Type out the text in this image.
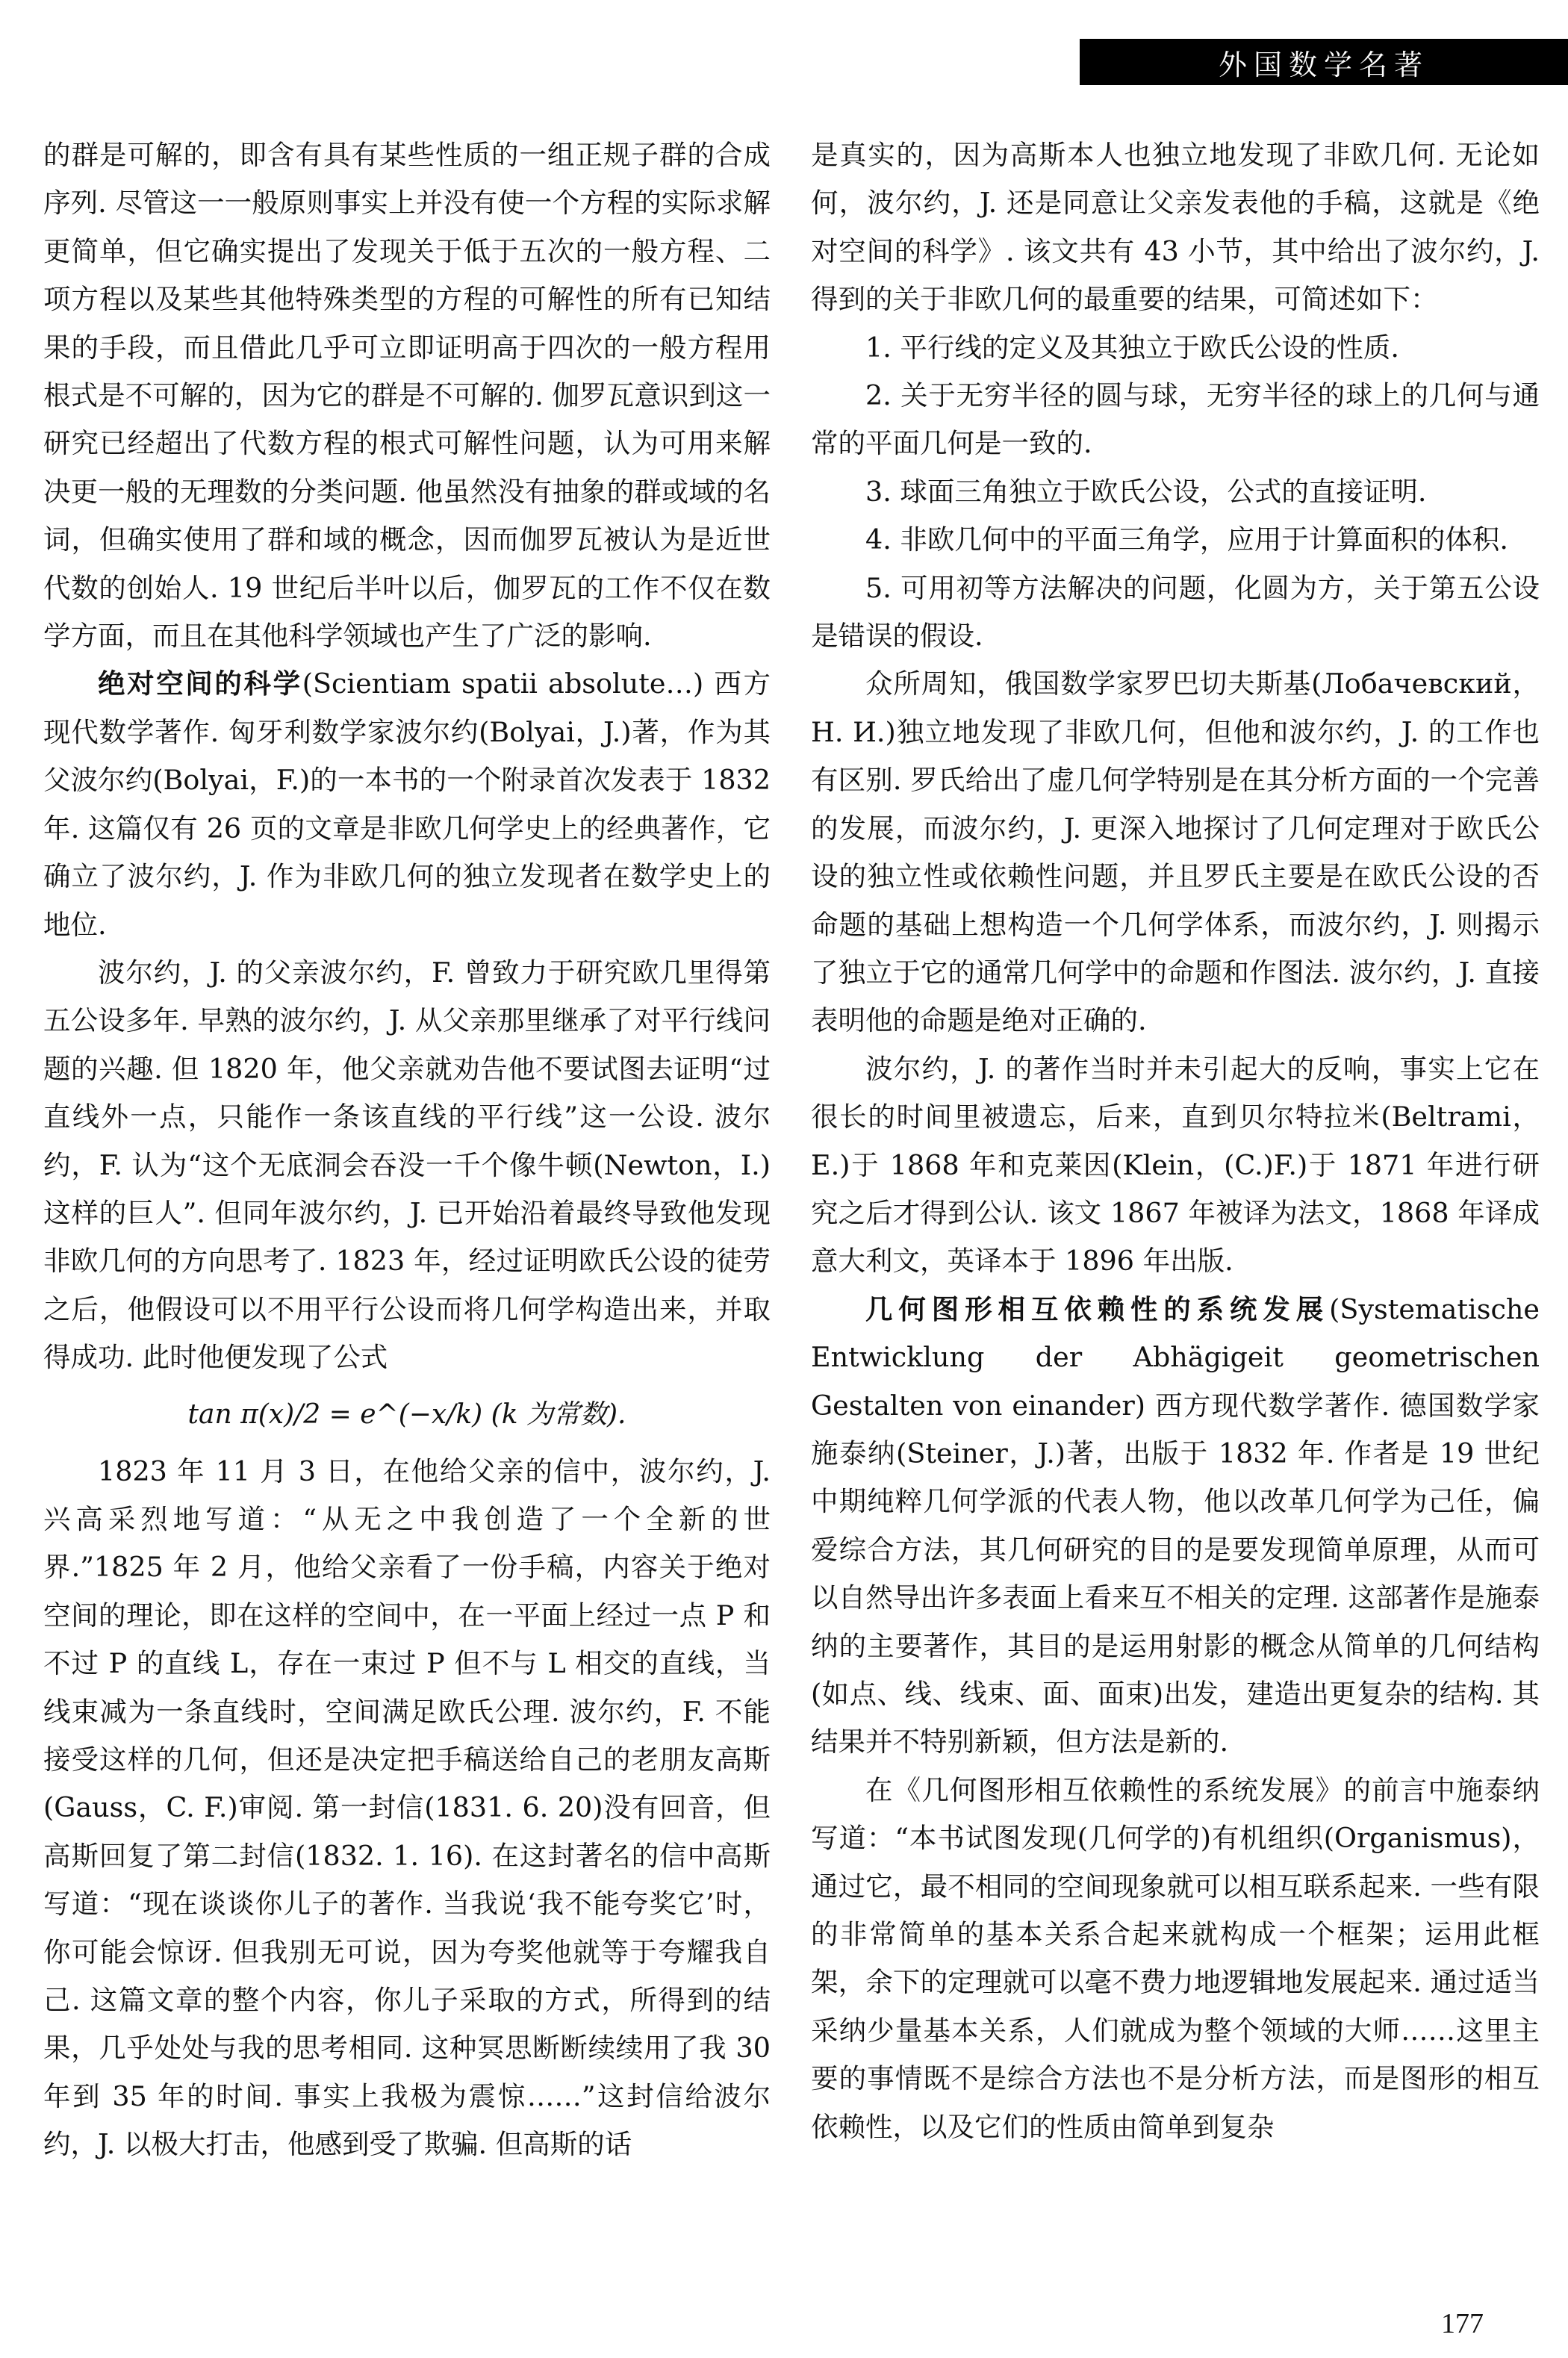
外国数学名著

的群是可解的，即含有具有某些性质的一组正规子群的合成序列. 尽管这一一般原则事实上并没有使一个方程的实际求解更简单，但它确实提出了发现关于低于五次的一般方程、二项方程以及某些其他特殊类型的方程的可解性的所有已知结果的手段，而且借此几乎可立即证明高于四次的一般方程用根式是不可解的，因为它的群是不可解的. 伽罗瓦意识到这一研究已经超出了代数方程的根式可解性问题，认为可用来解决更一般的无理数的分类问题. 他虽然没有抽象的群或域的名词，但确实使用了群和域的概念，因而伽罗瓦被认为是近世代数的创始人. 19 世纪后半叶以后，伽罗瓦的工作不仅在数学方面，而且在其他科学领域也产生了广泛的影响.

绝对空间的科学(Scientiam spatii absolute…) 西方现代数学著作. 匈牙利数学家波尔约(Bolyai，J.)著，作为其父波尔约(Bolyai，F.)的一本书的一个附录首次发表于 1832 年. 这篇仅有 26 页的文章是非欧几何学史上的经典著作，它确立了波尔约，J. 作为非欧几何的独立发现者在数学史上的地位.

波尔约，J. 的父亲波尔约，F. 曾致力于研究欧几里得第五公设多年. 早熟的波尔约，J. 从父亲那里继承了对平行线问题的兴趣. 但 1820 年，他父亲就劝告他不要试图去证明“过直线外一点，只能作一条该直线的平行线”这一公设. 波尔约，F. 认为“这个无底洞会吞没一千个像牛顿(Newton，I.)这样的巨人”. 但同年波尔约，J. 已开始沿着最终导致他发现非欧几何的方向思考了. 1823 年，经过证明欧氏公设的徒劳之后，他假设可以不用平行公设而将几何学构造出来，并取得成功. 此时他便发现了公式

tan π(x)/2 = e^(−x/k) (k 为常数).

1823 年 11 月 3 日，在他给父亲的信中，波尔约，J. 兴高采烈地写道：“从无之中我创造了一个全新的世界.”1825 年 2 月，他给父亲看了一份手稿，内容关于绝对空间的理论，即在这样的空间中，在一平面上经过一点 P 和不过 P 的直线 L，存在一束过 P 但不与 L 相交的直线，当线束减为一条直线时，空间满足欧氏公理. 波尔约，F. 不能接受这样的几何，但还是决定把手稿送给自己的老朋友高斯(Gauss，C. F.)审阅. 第一封信(1831. 6. 20)没有回音，但高斯回复了第二封信(1832. 1. 16). 在这封著名的信中高斯写道：“现在谈谈你儿子的著作. 当我说‘我不能夸奖它’时，你可能会惊讶. 但我别无可说，因为夸奖他就等于夸耀我自己. 这篇文章的整个内容，你儿子采取的方式，所得到的结果，几乎处处与我的思考相同. 这种冥思断断续续用了我 30 年到 35 年的时间. 事实上我极为震惊……”这封信给波尔约，J. 以极大打击，他感到受了欺骗. 但高斯的话

是真实的，因为高斯本人也独立地发现了非欧几何. 无论如何，波尔约，J. 还是同意让父亲发表他的手稿，这就是《绝对空间的科学》. 该文共有 43 小节，其中给出了波尔约，J. 得到的关于非欧几何的最重要的结果，可简述如下：

1. 平行线的定义及其独立于欧氏公设的性质.

2. 关于无穷半径的圆与球，无穷半径的球上的几何与通常的平面几何是一致的.

3. 球面三角独立于欧氏公设，公式的直接证明.

4. 非欧几何中的平面三角学，应用于计算面积的体积.

5. 可用初等方法解决的问题，化圆为方，关于第五公设是错误的假设.

众所周知，俄国数学家罗巴切夫斯基(Лобачевский，Н. И.)独立地发现了非欧几何，但他和波尔约，J. 的工作也有区别. 罗氏给出了虚几何学特别是在其分析方面的一个完善的发展，而波尔约，J. 更深入地探讨了几何定理对于欧氏公设的独立性或依赖性问题，并且罗氏主要是在欧氏公设的否命题的基础上想构造一个几何学体系，而波尔约，J. 则揭示了独立于它的通常几何学中的命题和作图法. 波尔约，J. 直接表明他的命题是绝对正确的.

波尔约，J. 的著作当时并未引起大的反响，事实上它在很长的时间里被遗忘，后来，直到贝尔特拉米(Beltrami，E.)于 1868 年和克莱因(Klein，(C.)F.)于 1871 年进行研究之后才得到公认. 该文 1867 年被译为法文，1868 年译成意大利文，英译本于 1896 年出版.

几何图形相互依赖性的系统发展(Systematische Entwicklung der Abhägigeit geometrischen Gestalten von einander) 西方现代数学著作. 德国数学家施泰纳(Steiner，J.)著，出版于 1832 年. 作者是 19 世纪中期纯粹几何学派的代表人物，他以改革几何学为己任，偏爱综合方法，其几何研究的目的是要发现简单原理，从而可以自然导出许多表面上看来互不相关的定理. 这部著作是施泰纳的主要著作，其目的是运用射影的概念从简单的几何结构(如点、线、线束、面、面束)出发，建造出更复杂的结构. 其结果并不特别新颖，但方法是新的.

在《几何图形相互依赖性的系统发展》的前言中施泰纳写道：“本书试图发现(几何学的)有机组织(Organismus)，通过它，最不相同的空间现象就可以相互联系起来. 一些有限的非常简单的基本关系合起来就构成一个框架；运用此框架，余下的定理就可以毫不费力地逻辑地发展起来. 通过适当采纳少量基本关系，人们就成为整个领域的大师……这里主要的事情既不是综合方法也不是分析方法，而是图形的相互依赖性，以及它们的性质由简单到复杂

177
